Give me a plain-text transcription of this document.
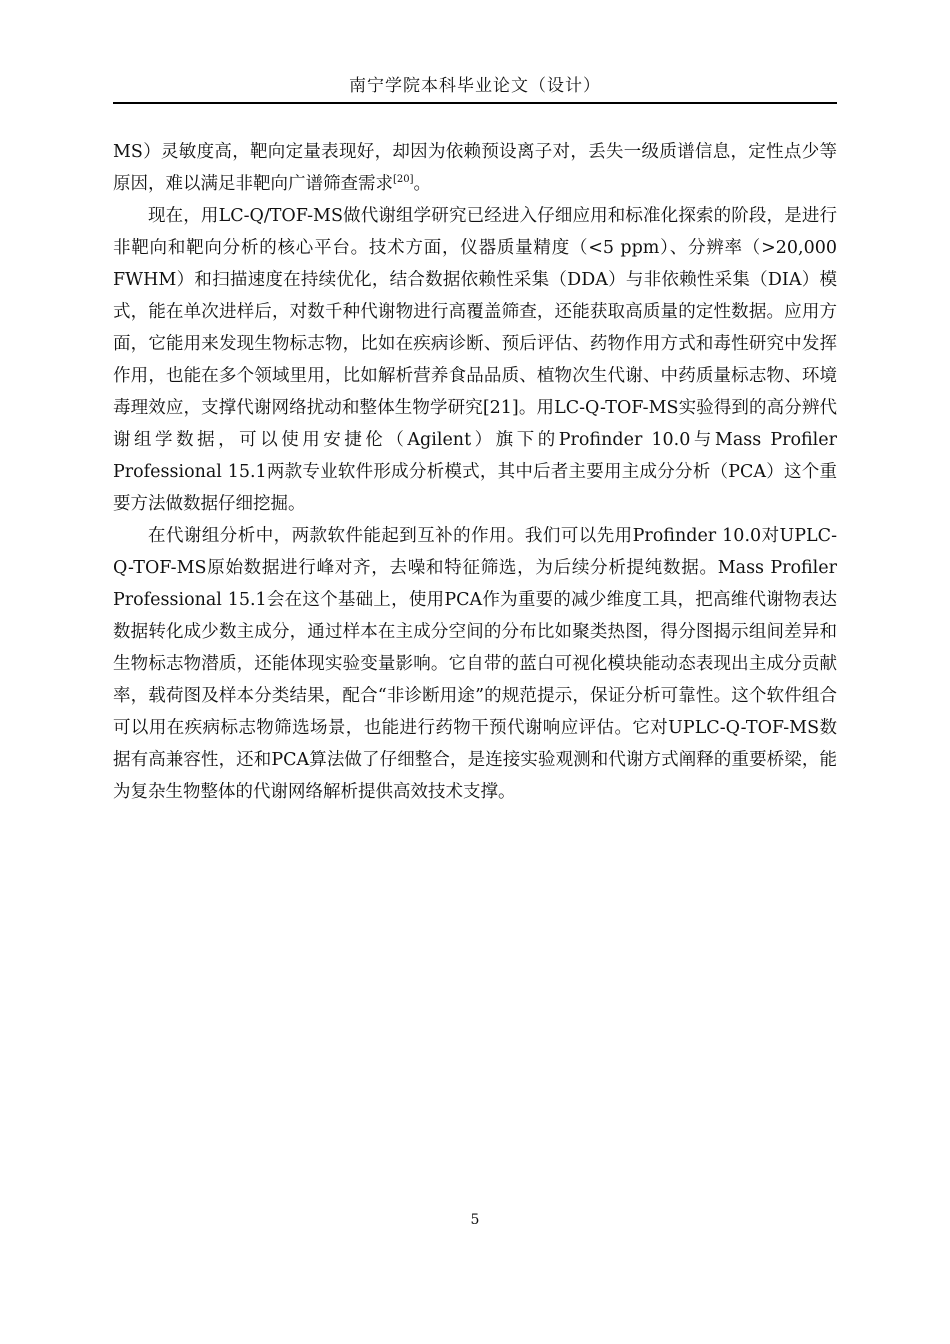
南宁学院本科毕业论文（设计）

MS）灵敏度高，靶向定量表现好，却因为依赖预设离子对，丢失一级质谱信息，定性点少等原因，难以满足非靶向广谱筛查需求[20]。

现在，用LC-Q/TOF-MS做代谢组学研究已经进入仔细应用和标准化探索的阶段，是进行非靶向和靶向分析的核心平台。技术方面，仪器质量精度（<5 ppm）、分辨率（>20,000 FWHM）和扫描速度在持续优化，结合数据依赖性采集（DDA）与非依赖性采集（DIA）模式，能在单次进样后，对数千种代谢物进行高覆盖筛查，还能获取高质量的定性数据。应用方面，它能用来发现生物标志物，比如在疾病诊断、预后评估、药物作用方式和毒性研究中发挥作用，也能在多个领域里用，比如解析营养食品品质、植物次生代谢、中药质量标志物、环境毒理效应，支撑代谢网络扰动和整体生物学研究[21]。用LC-Q-TOF-MS实验得到的高分辨代谢组学数据，可以使用安捷伦（Agilent）旗下的Profinder 10.0与Mass Profiler Professional 15.1两款专业软件形成分析模式，其中后者主要用主成分分析（PCA）这个重要方法做数据仔细挖掘。

在代谢组分析中，两款软件能起到互补的作用。我们可以先用Profinder 10.0对UPLC-Q-TOF-MS原始数据进行峰对齐，去噪和特征筛选，为后续分析提纯数据。Mass Profiler Professional 15.1会在这个基础上，使用PCA作为重要的减少维度工具，把高维代谢物表达数据转化成少数主成分，通过样本在主成分空间的分布比如聚类热图，得分图揭示组间差异和生物标志物潜质，还能体现实验变量影响。它自带的蓝白可视化模块能动态表现出主成分贡献率，载荷图及样本分类结果，配合“非诊断用途”的规范提示，保证分析可靠性。这个软件组合可以用在疾病标志物筛选场景，也能进行药物干预代谢响应评估。它对UPLC-Q-TOF-MS数据有高兼容性，还和PCA算法做了仔细整合，是连接实验观测和代谢方式阐释的重要桥梁，能为复杂生物整体的代谢网络解析提供高效技术支撑。

5
